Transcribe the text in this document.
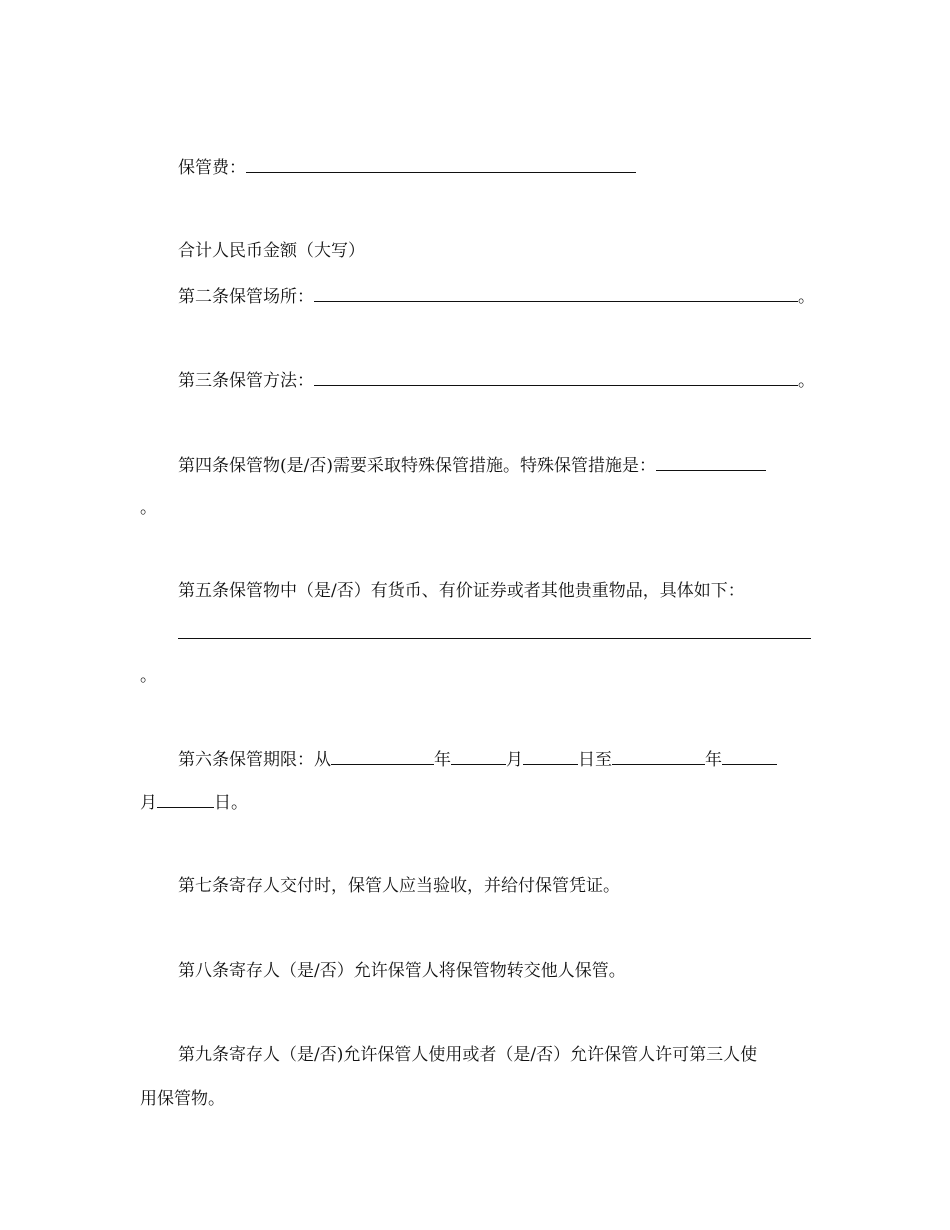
保管费：
合计人民币金额（大写）
第二条保管场所：	。
第三条保管方法：	。
第四条保管物(是/否)需要采取特殊保管措施。特殊保管措施是：
。
第五条保管物中（是/否）有货币、有价证券或者其他贵重物品，具体如下：
。
第六条保管期限：从	年	月	日至	年
月	日。
第七条寄存人交付时，保管人应当验收，并给付保管凭证。
第八条寄存人（是/否）允许保管人将保管物转交他人保管。
第九条寄存人（是/否)允许保管人使用或者（是/否）允许保管人许可第三人使
用保管物。
